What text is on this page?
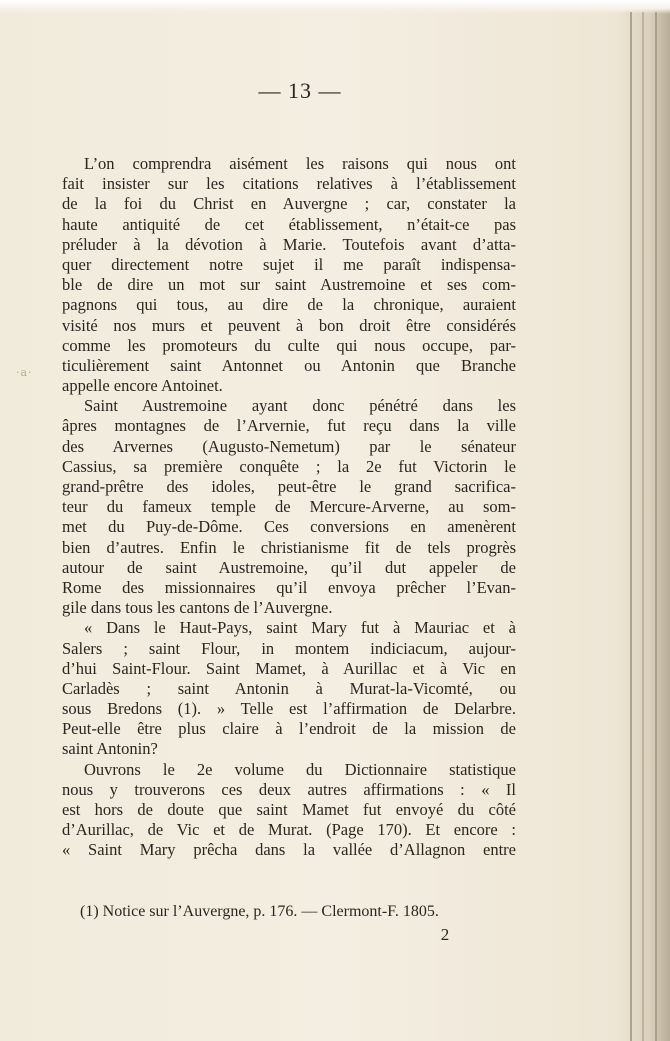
·a·
— 13 —
L’on comprendra aisément les raisons qui nous ont
fait insister sur les citations relatives à l’établissement
de la foi du Christ en Auvergne ; car, constater la
haute antiquité de cet établissement, n’était-ce pas
préluder à la dévotion à Marie. Toutefois avant d’atta-
quer directement notre sujet il me paraît indispensa-
ble de dire un mot sur saint Austremoine et ses com-
pagnons qui tous, au dire de la chronique, auraient
visité nos murs et peuvent à bon droit être considérés
comme les promoteurs du culte qui nous occupe, par-
ticulièrement saint Antonnet ou Antonin que Branche
appelle encore Antoinet.
Saint Austremoine ayant donc pénétré dans les
âpres montagnes de l’Arvernie, fut reçu dans la ville
des Arvernes (Augusto-Nemetum) par le sénateur
Cassius, sa première conquête ; la 2e fut Victorin le
grand-prêtre des idoles, peut-être le grand sacrifica-
teur du fameux temple de Mercure-Arverne, au som-
met du Puy-de-Dôme. Ces conversions en amenèrent
bien d’autres. Enfin le christianisme fit de tels progrès
autour de saint Austremoine, qu’il dut appeler de
Rome des missionnaires qu’il envoya prêcher l’Evan-
gile dans tous les cantons de l’Auvergne.
« Dans le Haut-Pays, saint Mary fut à Mauriac et à
Salers ; saint Flour, in montem indiciacum, aujour-
d’hui Saint-Flour. Saint Mamet, à Aurillac et à Vic en
Carladès ; saint Antonin à Murat-la-Vicomté, ou
sous Bredons (1). » Telle est l’affirmation de Delarbre.
Peut-elle être plus claire à l’endroit de la mission de
saint Antonin?
Ouvrons le 2e volume du Dictionnaire statistique
nous y trouverons ces deux autres affirmations : « Il
est hors de doute que saint Mamet fut envoyé du côté
d’Aurillac, de Vic et de Murat. (Page 170). Et encore :
« Saint Mary prêcha dans la vallée d’Allagnon entre
(1) Notice sur l’Auvergne, p. 176. — Clermont-F. 1805.
2
